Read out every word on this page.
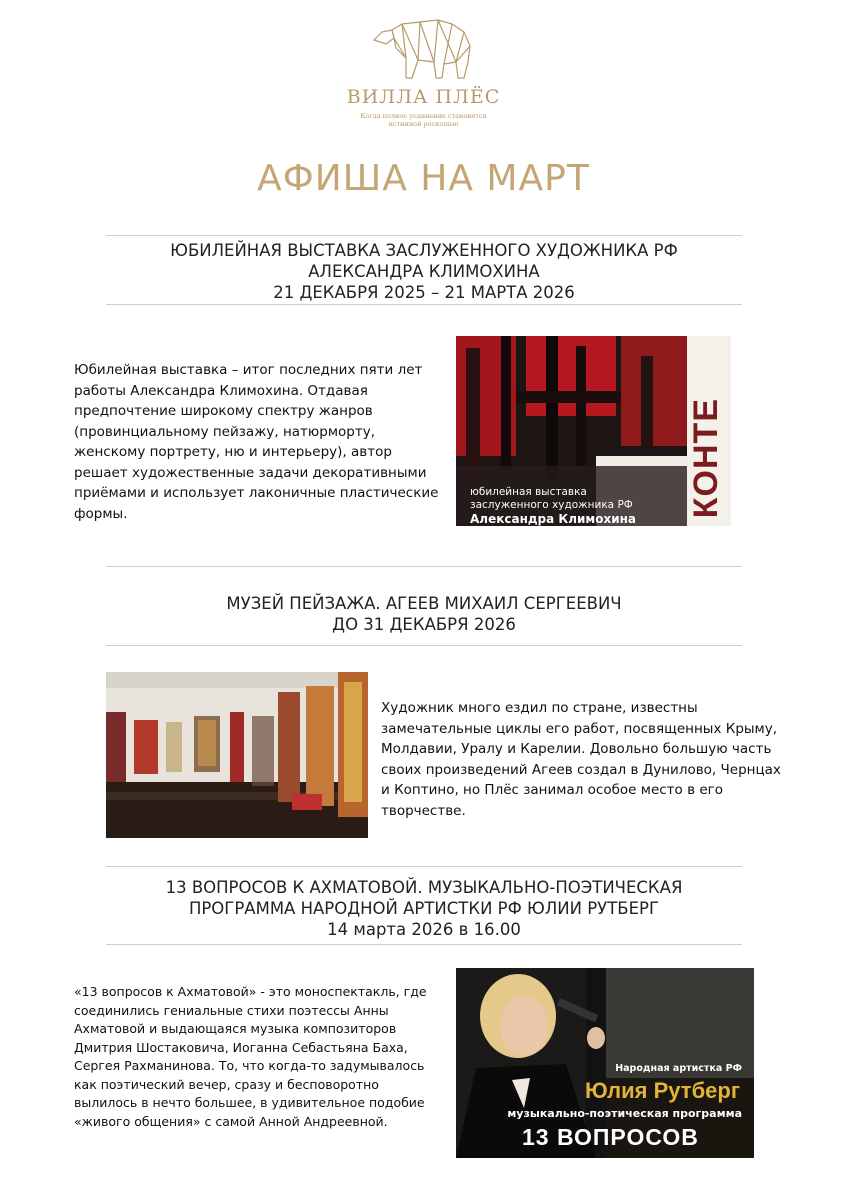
ВИЛЛА ПЛЁС
Когда полное уединение становится истинной роскошью
АФИША НА МАРТ
ЮБИЛЕЙНАЯ ВЫСТАВКА ЗАСЛУЖЕННОГО ХУДОЖНИКА РФ
АЛЕКСАНДРА КЛИМОХИНА
21 ДЕКАБРЯ 2025 – 21 МАРТА 2026
Юбилейная выставка – итог последних пяти лет работы Александра Климохина. Отдавая предпочтение широкому спектру жанров (провинциальному пейзажу, натюрморту, женскому портрету, ню и интерьеру), автор решает художественные задачи декоративными приёмами и использует лаконичные пластические формы.	КОНТЕ
юбилейная выставка
заслуженного художника РФ
Александра Климохина
МУЗЕЙ ПЕЙЗАЖА. АГЕЕВ МИХАИЛ СЕРГЕЕВИЧ
ДО 31 ДЕКАБРЯ 2026
Художник много ездил по стране, известны замечательные циклы его работ, посвященных Крыму, Молдавии, Уралу и Карелии. Довольно большую часть своих произведений Агеев создал в Дунилово, Чернцах и Коптино, но Плёс занимал особое место в его творчестве.
13 ВОПРОСОВ К АХМАТОВОЙ. МУЗЫКАЛЬНО-ПОЭТИЧЕСКАЯ
ПРОГРАММА НАРОДНОЙ АРТИСТКИ РФ ЮЛИИ РУТБЕРГ
14 марта 2026 в 16.00
«13 вопросов к Ахматовой» - это моноспектакль, где соединились гениальные стихи поэтессы Анны Ахматовой и выдающаяся музыка композиторов Дмитрия Шостаковича, Иоганна Себастьяна Баха, Сергея Рахманинова. То, что когда-то задумывалось как поэтический вечер, сразу и бесповоротно вылилось в нечто большее, в удивительное подобие «живого общения» с самой Анной Андреевной.
Народная артистка РФ
Юлия Рутберг
музыкально-поэтическая программа
13 ВОПРОСОВ
